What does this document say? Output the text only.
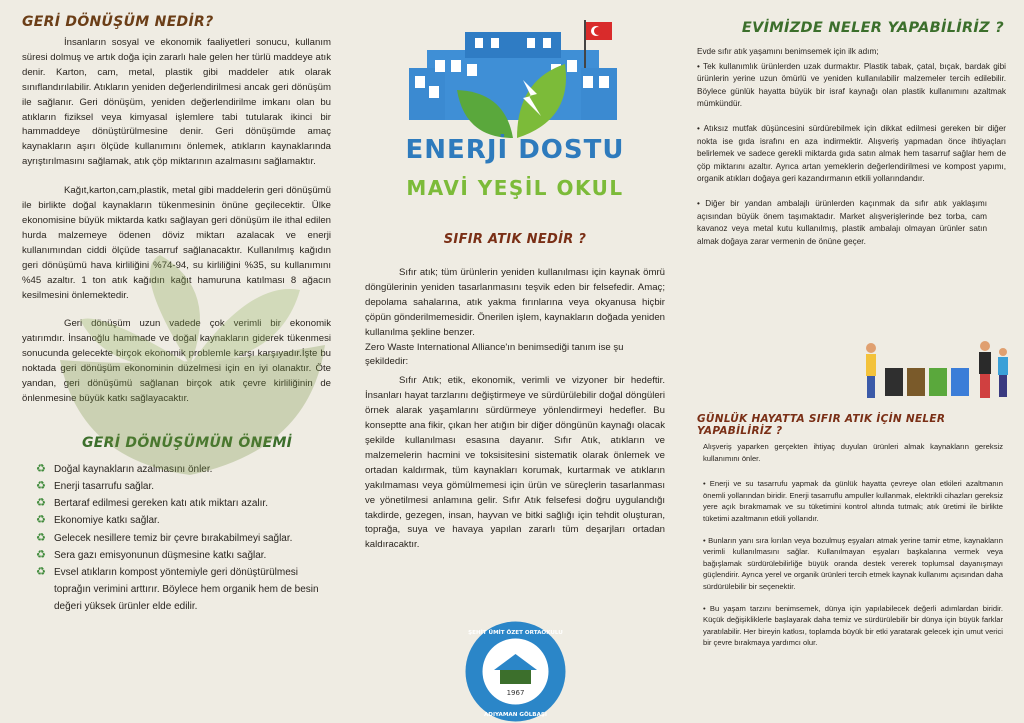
GERİ DÖNÜŞÜM NEDİR?

İnsanların sosyal ve ekonomik faaliyetleri sonucu, kullanım süresi dolmuş ve artık doğa için zararlı hale gelen her türlü maddeye atık denir. Karton, cam, metal, plastik gibi maddeler atık olarak sınıflandırılabilir. Atıkların yeniden değerlendirilmesi ancak geri dönüşüm ile sağlanır. Geri dönüşüm, yeniden değerlendirilme imkanı olan bu atıkların fiziksel veya kimyasal işlemlere tabi tutularak ikinci bir hammaddeye dönüştürülmesine denir. Geri dönüşümde amaç kaynakların aşırı ölçüde kullanımını önlemek, atıkların kaynaklarında ayrıştırılmasını sağlamak, atık çöp miktarının azalmasını sağlamaktır.

Kağıt,karton,cam,plastik, metal gibi maddelerin geri dönüşümü ile birlikte doğal kaynakların tükenmesinin önüne geçilecektir. Ülke ekonomisine büyük miktarda katkı sağlayan geri dönüşüm ile ithal edilen hurda malzemeye ödenen döviz miktarı azalacak ve enerji kullanımından ciddi ölçüde tasarruf sağlanacaktır. Kullanılmış kağıdın geri dönüşümü hava kirliliğini %74-94, su kirliliğini %35, su kullanımını %45 azaltır. 1 ton atık kağıdın kağıt hamuruna katılması 8 ağacın kesilmesini önlemektedir.

Geri dönüşüm uzun vadede çok verimli bir ekonomik yatırımdır. İnsanoğlu hammade ve doğal kaynakların giderek tükenmesi sonucunda gelecekte birçok ekonomik problemle karşı karşıyadır.İşte bu noktada geri dönüşüm ekonominin düzelmesi için en iyi olanaktır. Öte yandan, geri dönüşümü sağlanan birçok atık çevre kirliliğinin de önlenmesine büyük katkı sağlayacaktır.

GERİ DÖNÜŞÜMÜN ÖNEMİ
♻ Doğal kaynakların azalmasını önler.
♻ Enerji tasarrufu sağlar.
♻ Bertaraf edilmesi gereken katı atık miktarı azalır.
♻ Ekonomiye katkı sağlar.
♻ Gelecek nesillere temiz bir çevre bırakabilmeyi sağlar.
♻ Sera gazı emisyonunun düşmesine katkı sağlar.
♻ Evsel atıkların kompost yöntemiyle geri dönüştürülmesi toprağın verimini arttırır. Böylece hem organik hem de besin değeri yüksek ürünler elde edilir.
ENERJİ DOSTU
MAVİ YEŞİL OKUL
SIFIR ATIK NEDİR ?

Sıfır atık; tüm ürünlerin yeniden kullanılması için kaynak ömrü döngülerinin yeniden tasarlanmasını teşvik eden bir felsefedir. Amaç; depolama sahalarına, atık yakma fırınlarına veya okyanusa hiçbir çöpün gönderilmemesidir. Önerilen işlem, kaynakların doğada yeniden kullanılma şekline benzer.

Zero Waste International Alliance'ın benimsediği tanım ise şu şekildedir:

Sıfır Atık; etik, ekonomik, verimli ve vizyoner bir hedeftir. İnsanları hayat tarzlarını değiştirmeye ve sürdürülebilir doğal döngüleri örnek alarak yaşamlarını sürdürmeye yönlendirmeyi hedefler. Bu konseptte ana fikir, çıkan her atığın bir diğer döngünün kaynağı olacak şekilde kullanılması esasına dayanır. Sıfır Atık, atıkların ve malzemelerin hacmini ve toksisitesini sistematik olarak önlemek ve ortadan kaldırmak, tüm kaynakları korumak, kurtarmak ve atıkların yakılmaması veya gömülmemesi için ürün ve süreçlerin tasarlanması ve yönetilmesi anlamına gelir. Sıfır Atık felsefesi doğru uygulandığı takdirde, gezegen, insan, hayvan ve bitki sağlığı için tehdit oluşturan, toprağa, suya ve havaya yapılan zararlı tüm deşarjları ortadan kaldıracaktır.

1967
ŞEHİT ÜMİT ÖZET ORTAOKULU
ADIYAMAN GÖLBAŞI
EVİMİZDE NELER YAPABİLİRİZ ?
Evde sıfır atık yaşamını benimsemek için ilk adım;
• Tek kullanımlık ürünlerden uzak durmaktır. Plastik tabak, çatal, bıçak, bardak gibi ürünlerin yerine uzun ömürlü ve yeniden kullanılabilir malzemeler tercih edilebilir. Böylece günlük hayatta büyük bir israf kaynağı olan plastik kullanımını azaltmak mümkündür.
• Atıksız mutfak düşüncesini sürdürebilmek için dikkat edilmesi gereken bir diğer nokta ise gıda israfını en aza indirmektir. Alışveriş yapmadan önce ihtiyaçları belirlemek ve sadece gerekli miktarda gıda satın almak hem tasarruf sağlar hem de çöp miktarını azaltır. Ayrıca artan yemeklerin değerlendirilmesi ve kompost yapımı, organik atıkları doğaya geri kazandırmanın etkili yollarındandır.
• Diğer bir yandan ambalajlı ürünlerden kaçınmak da sıfır atık yaklaşımı açısından büyük önem taşımaktadır. Market alışverişlerinde bez torba, cam kavanoz veya metal kutu kullanılmış, plastik ambalajı olmayan ürünler satın almak doğaya zarar vermenin de önüne geçer.
GÜNLÜK HAYATTA SIFIR ATIK İÇİN NELER YAPABİLİRİZ ?
Alışveriş yaparken gerçekten ihtiyaç duyulan ürünleri almak kaynakların gereksiz kullanımını önler.
• Enerji ve su tasarrufu yapmak da günlük hayatta çevreye olan etkileri azaltmanın önemli yollarından biridir. Enerji tasarruflu ampuller kullanmak, elektrikli cihazları gereksiz yere açık bırakmamak ve su tüketimini kontrol altında tutmak; atık üretimi ile birlikte tüketimi azaltmanın etkili yollarıdır.
• Bunların yanı sıra kırılan veya bozulmuş eşyaları atmak yerine tamir etme, kaynakların verimli kullanılmasını sağlar. Kullanılmayan eşyaları başkalarına vermek veya bağışlamak sürdürülebilirliğe büyük oranda destek vererek toplumsal dayanışmayı güçlendirir. Ayrıca yerel ve organik ürünleri tercih etmek kaynak kullanımı açısından daha sürdürülebilir bir seçenektir.
• Bu yaşam tarzını benimsemek, dünya için yapılabilecek değerli adımlardan biridir. Küçük değişikliklerle başlayarak daha temiz ve sürdürülebilir bir dünya için büyük farklar yaratılabilir. Her bireyin katkısı, toplamda büyük bir etki yaratarak gelecek için umut verici bir çevre bırakmaya yardımcı olur.
